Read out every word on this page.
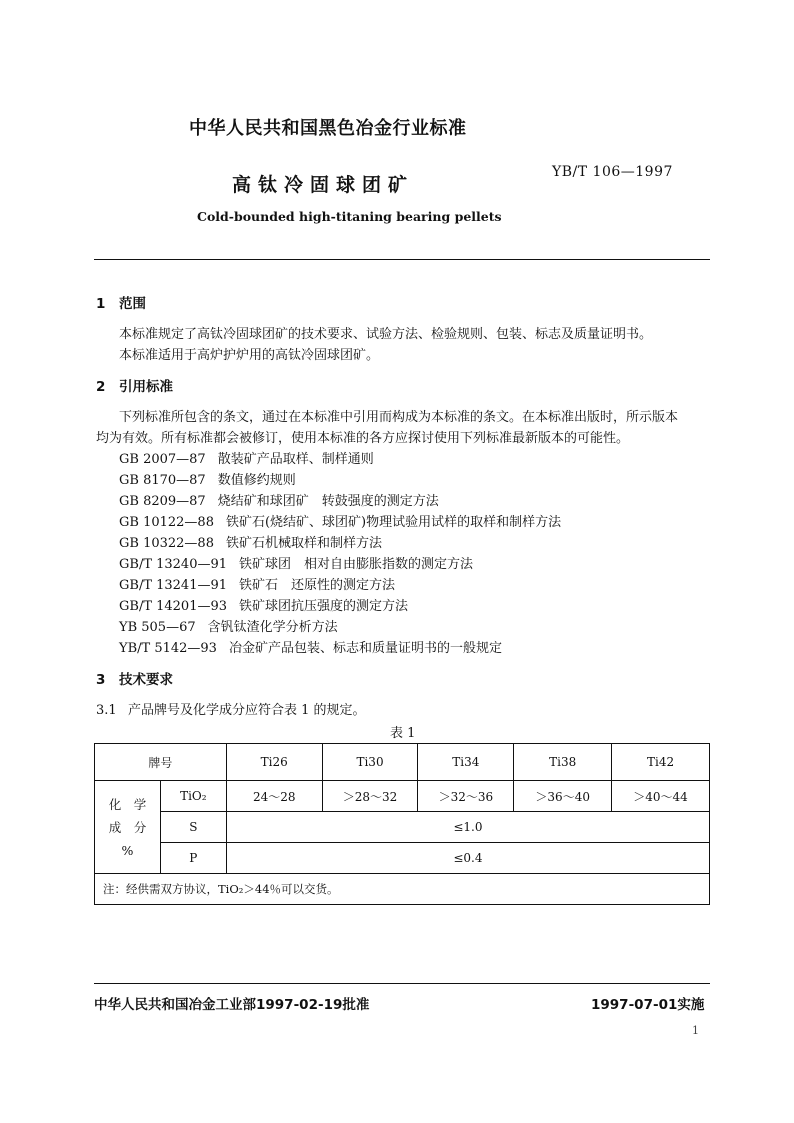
中华人民共和国黑色冶金行业标准
高钛冷固球团矿
YB/T 106—1997
Cold-bounded high-titaning bearing pellets
1 范围
本标准规定了高钛冷固球团矿的技术要求、试验方法、检验规则、包装、标志及质量证明书。
本标准适用于高炉护炉用的高钛冷固球团矿。
2 引用标准
下列标准所包含的条文，通过在本标准中引用而构成为本标准的条文。在本标准出版时，所示版本
均为有效。所有标准都会被修订，使用本标准的各方应探讨使用下列标准最新版本的可能性。
GB 2007—87 散装矿产品取样、制样通则
GB 8170—87 数值修约规则
GB 8209—87 烧结矿和球团矿　转鼓强度的测定方法
GB 10122—88 铁矿石(烧结矿、球团矿)物理试验用试样的取样和制样方法
GB 10322—88 铁矿石机械取样和制样方法
GB/T 13240—91 铁矿球团　相对自由膨胀指数的测定方法
GB/T 13241—91 铁矿石　还原性的测定方法
GB/T 14201—93 铁矿球团抗压强度的测定方法
YB 505—67 含钒钛渣化学分析方法
YB/T 5142—93 冶金矿产品包装、标志和质量证明书的一般规定
3 技术要求
3.1 产品牌号及化学成分应符合表 1 的规定。
表 1
牌号		Ti26	Ti30	Ti34	Ti38	Ti42

化　学
成　分
%	TiO₂	24～28	＞28～32	＞32～36	＞36～40	＞40～44
	S	≤1.0				
	P	≤0.4				
注：经供需双方协议，TiO₂＞44％可以交货。						
中华人民共和国冶金工业部1997-02-19批准	1997-07-01实施
1
